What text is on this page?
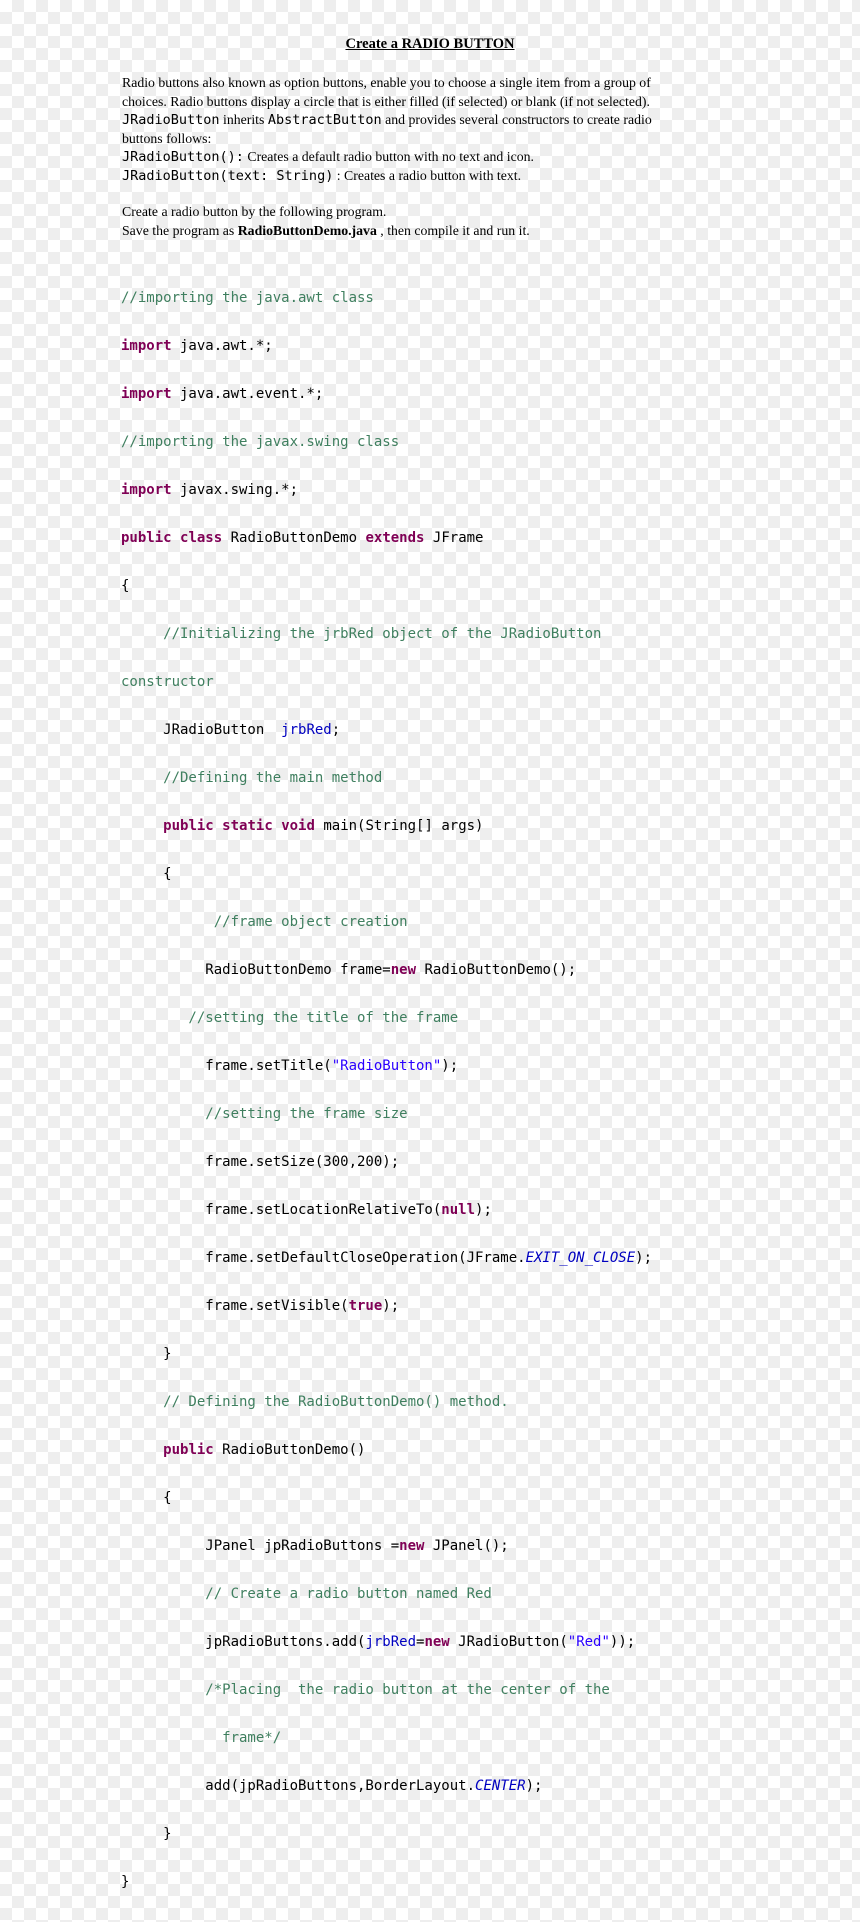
Create a RADIO BUTTON
Radio buttons also known as option buttons, enable you to choose a single item from a group of
choices. Radio buttons display a circle that is either filled (if selected) or blank (if not selected).
JRadioButton inherits AbstractButton and provides several constructors to create radio
buttons follows:
JRadioButton(): Creates a default radio button with no text and icon.
JRadioButton(text: String) : Creates a radio button with text.
Create a radio button by the following program.
Save the program as RadioButtonDemo.java , then compile it and run it.

//importing the java.awt class

import java.awt.*;

import java.awt.event.*;

//importing the javax.swing class

import javax.swing.*;

public class RadioButtonDemo extends JFrame

{

//Initializing the jrbRed object of the JRadioButton

constructor

JRadioButton  jrbRed;

//Defining the main method

public static void main(String[] args)

{

//frame object creation

RadioButtonDemo frame=new RadioButtonDemo();

//setting the title of the frame

frame.setTitle("RadioButton");

//setting the frame size

frame.setSize(300,200);

frame.setLocationRelativeTo(null);

frame.setDefaultCloseOperation(JFrame.EXIT_ON_CLOSE);

frame.setVisible(true);

}

// Defining the RadioButtonDemo() method.

public RadioButtonDemo()

{

JPanel jpRadioButtons =new JPanel();

// Create a radio button named Red

jpRadioButtons.add(jrbRed=new JRadioButton("Red"));

/*Placing  the radio button at the center of the

frame*/

add(jpRadioButtons,BorderLayout.CENTER);

}

}
